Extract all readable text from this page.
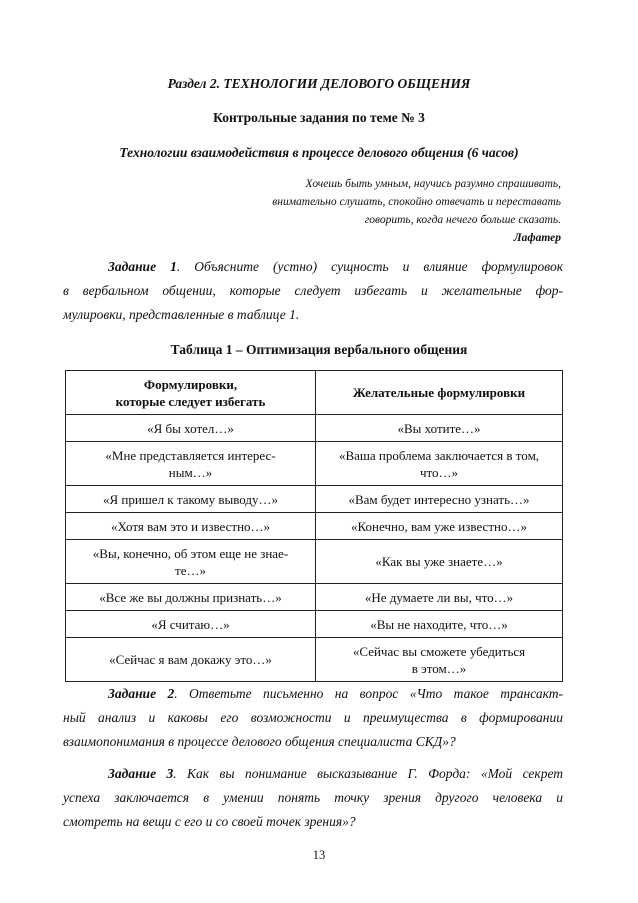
Раздел 2. ТЕХНОЛОГИИ ДЕЛОВОГО ОБЩЕНИЯ
Контрольные задания по теме № 3
Технологии взаимодействия в процессе делового общения (6 часов)
Хочешь быть умным, научись разумно спрашивать,
внимательно слушать, спокойно отвечать и переставать
говорить, когда нечего больше сказать.
Лафатер
Задание 1. Объясните (устно) сущность и влияние формулировок
в вербальном общении, которые следует избегать и желательные фор-
мулировки, представленные в таблице 1.
Таблица 1 – Оптимизация вербального общения
Формулировки,
которые следует избегать	Желательные формулировки
«Я бы хотел…»	«Вы хотите…»
«Мне представляется интерес-
ным…»	«Ваша проблема заключается в том,
что…»
«Я пришел к такому выводу…»	«Вам будет интересно узнать…»
«Хотя вам это и известно…»	«Конечно, вам уже известно…»
«Вы, конечно, об этом еще не знае-
те…»	«Как вы уже знаете…»
«Все же вы должны признать…»	«Не думаете ли вы, что…»
«Я считаю…»	«Вы не находите, что…»
«Сейчас я вам докажу это…»	«Сейчас вы сможете убедиться
в этом…»
Задание 2. Ответьте письменно на вопрос «Что такое трансакт-
ный анализ и каковы его возможности и преимущества в формировании
взаимопонимания в процессе делового общения специалиста СКД»?
Задание 3. Как вы понимание высказывание Г. Форда: «Мой секрет
успеха заключается в умении понять точку зрения другого человека и
смотреть на вещи с его и со своей точек зрения»?
13
